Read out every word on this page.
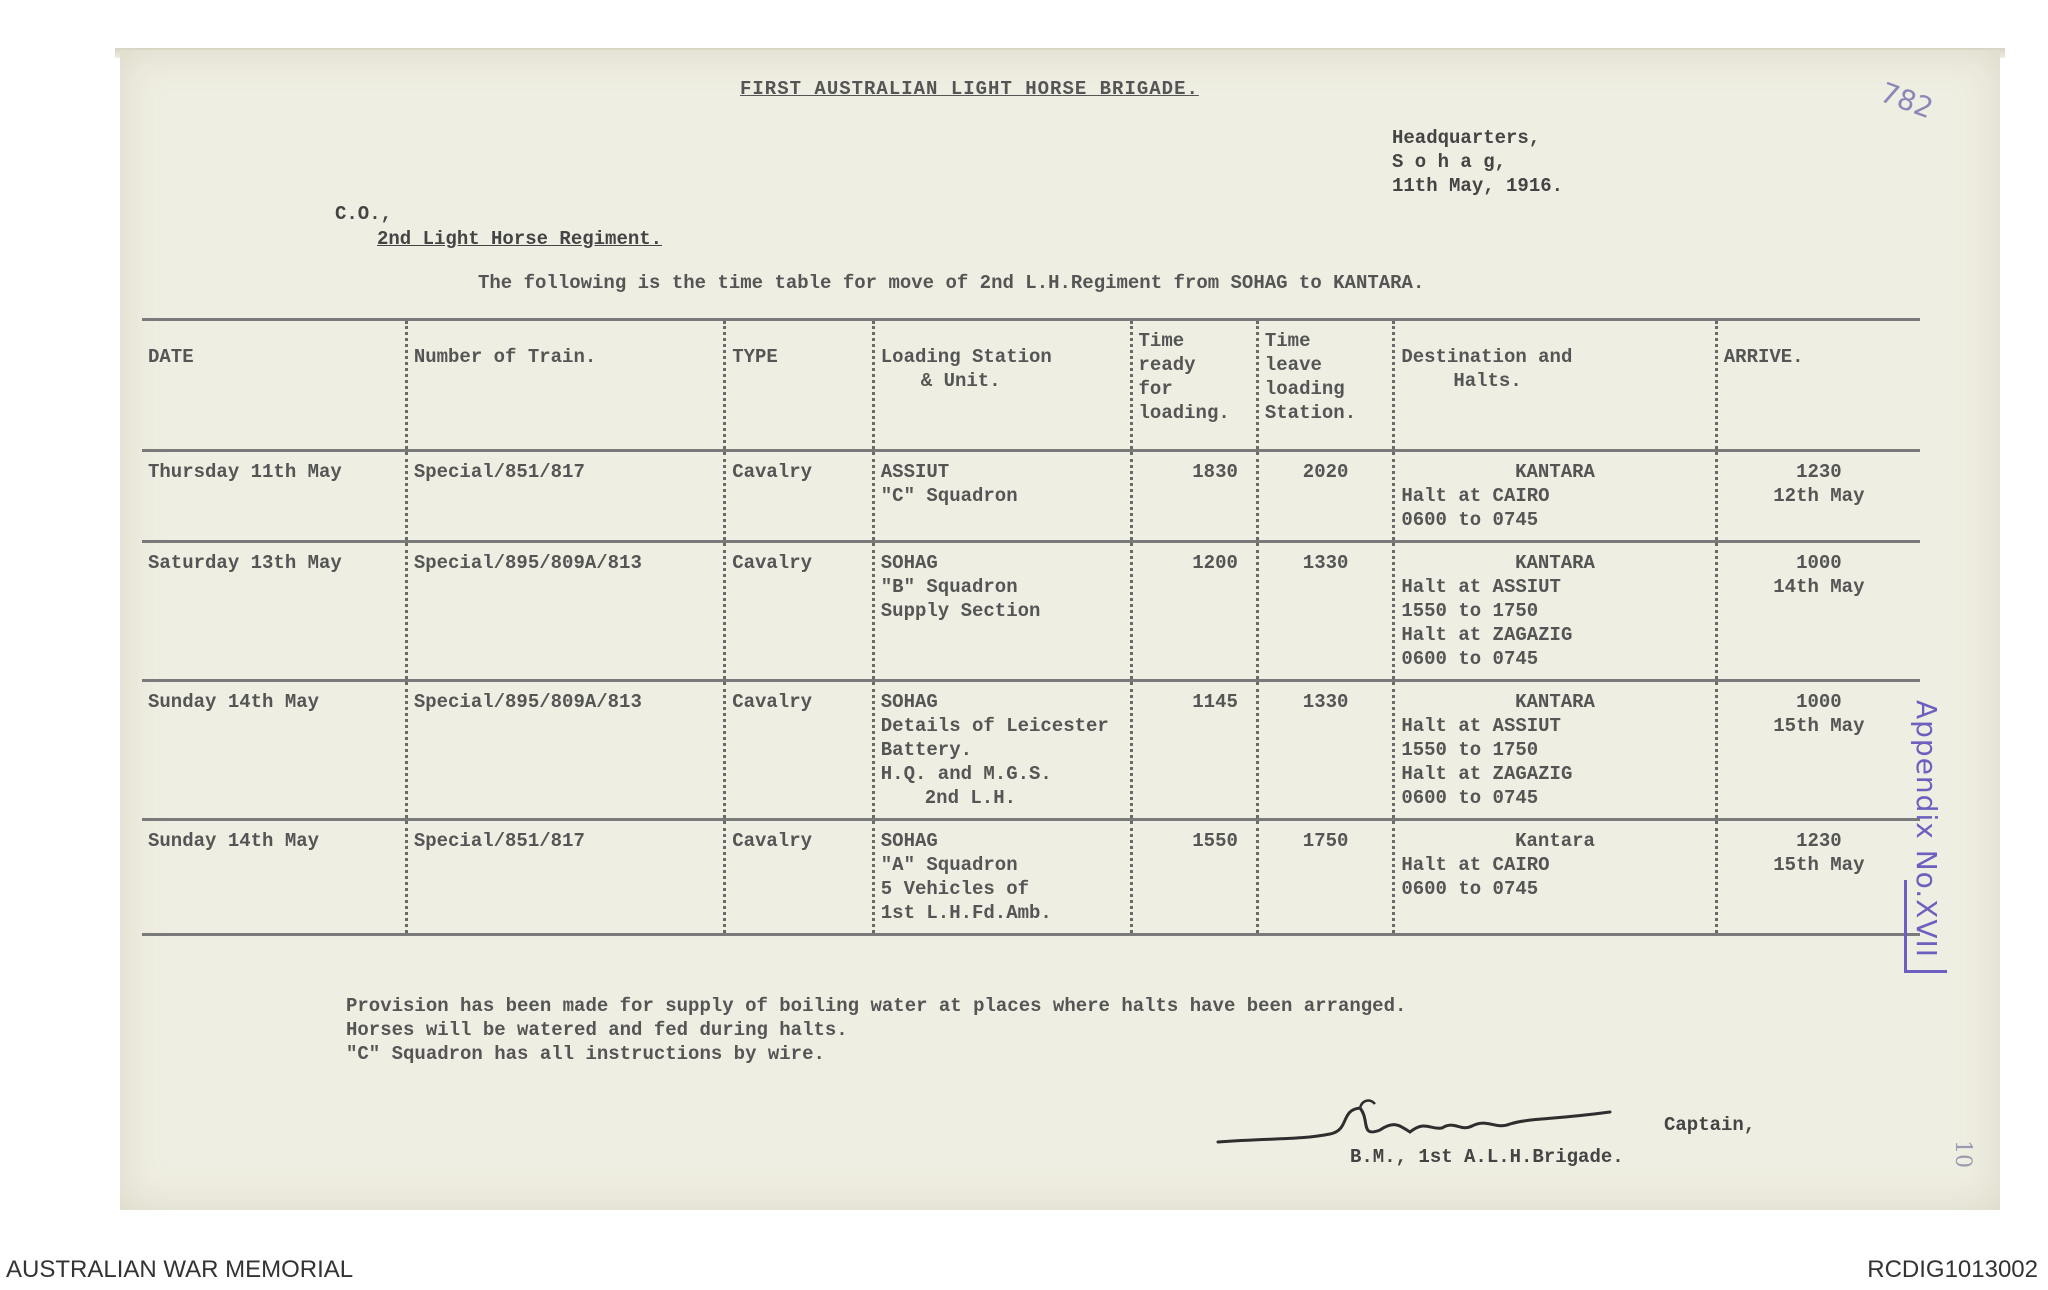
FIRST AUSTRALIAN LIGHT HORSE BRIGADE.	782
Headquarters,
S o h a g,
11th May, 1916.
C.O.,
2nd Light Horse Regiment.
The following is the time table for move of 2nd L.H.Regiment from SOHAG to KANTARA.
DATE	Number of Train.	TYPE	Loading Station
& Unit.	Time
ready
for
loading.	Time
leave
loading
Station.	Destination and
Halts.	ARRIVE.
Thursday 11th May	Special/851/817	Cavalry	ASSIUT
"C" Squadron	1830	2020	KANTARA
Halt at CAIRO
0600 to 0745	1230
12th May

Saturday 13th May	Special/895/809A/813	Cavalry	SOHAG
"B" Squadron
Supply Section	1200	1330	KANTARA
Halt at ASSIUT
1550 to 1750
Halt at ZAGAZIG
0600 to 0745	1000
14th May

Sunday 14th May	Special/895/809A/813	Cavalry	SOHAG
Details of Leicester
Battery.
H.Q. and M.G.S.
2nd L.H.	1145	1330	KANTARA
Halt at ASSIUT
1550 to 1750
Halt at ZAGAZIG
0600 to 0745	1000
15th May

Sunday 14th May	Special/851/817	Cavalry	SOHAG
"A" Squadron
5 Vehicles of
1st L.H.Fd.Amb.	1550	1750	Kantara
Halt at CAIRO
0600 to 0745	1230
15th May
Provision has been made for supply of boiling water at places where halts have been arranged.
Horses will be watered and fed during halts.
"C" Squadron has all instructions by wire.
Captain,
B.M., 1st A.L.H.Brigade.
Appendix No.XVII
10
AUSTRALIAN WAR MEMORIAL	RCDIG1013002
